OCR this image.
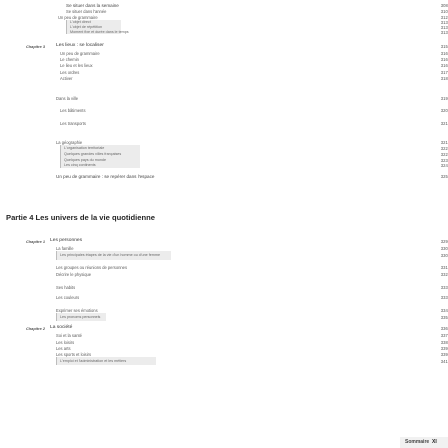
Se situer dans la semaine	308
Se situer dans l'année	310
Un peu de grammaire	312
L'objet direct	313
L'objet de répétition	313
Moment fixe et durée dans le temps	313
Chapitre 3 Les lieux : se localiser	315
Un peu de grammaire	316
Le chemin	316
Le lieu et les lieux	316
Les ordres	317
Activer	318
Dans la ville	319
Les bâtiments	320
Les transports	321
La géographie	321
L'organisation territoriale	322
Quelques grandes villes françaises	322
Quelques pays du monde	323
Les cinq continents	324
Un peu de grammaire : se repérer dans l'espace	325
Partie 4 Les univers de la vie quotidienne
Chapitre 1 Les personnes	329
La famille	330
Les principales étapes de la vie d'un homme ou d'une femme	330
Les groupes ou réunions de personnes	331
Décrire le physique	332
Ses habits	333
Les couleurs	333
Exprimer ses émotions	334
Les pronoms personnels	335
Chapitre 2 La société	336
Soi et la santé	337
Les loisirs	338
Les arts	339
Les sports et loisirs	339
L'emploi et l'administration et les métiers	341
Sommaire XI
